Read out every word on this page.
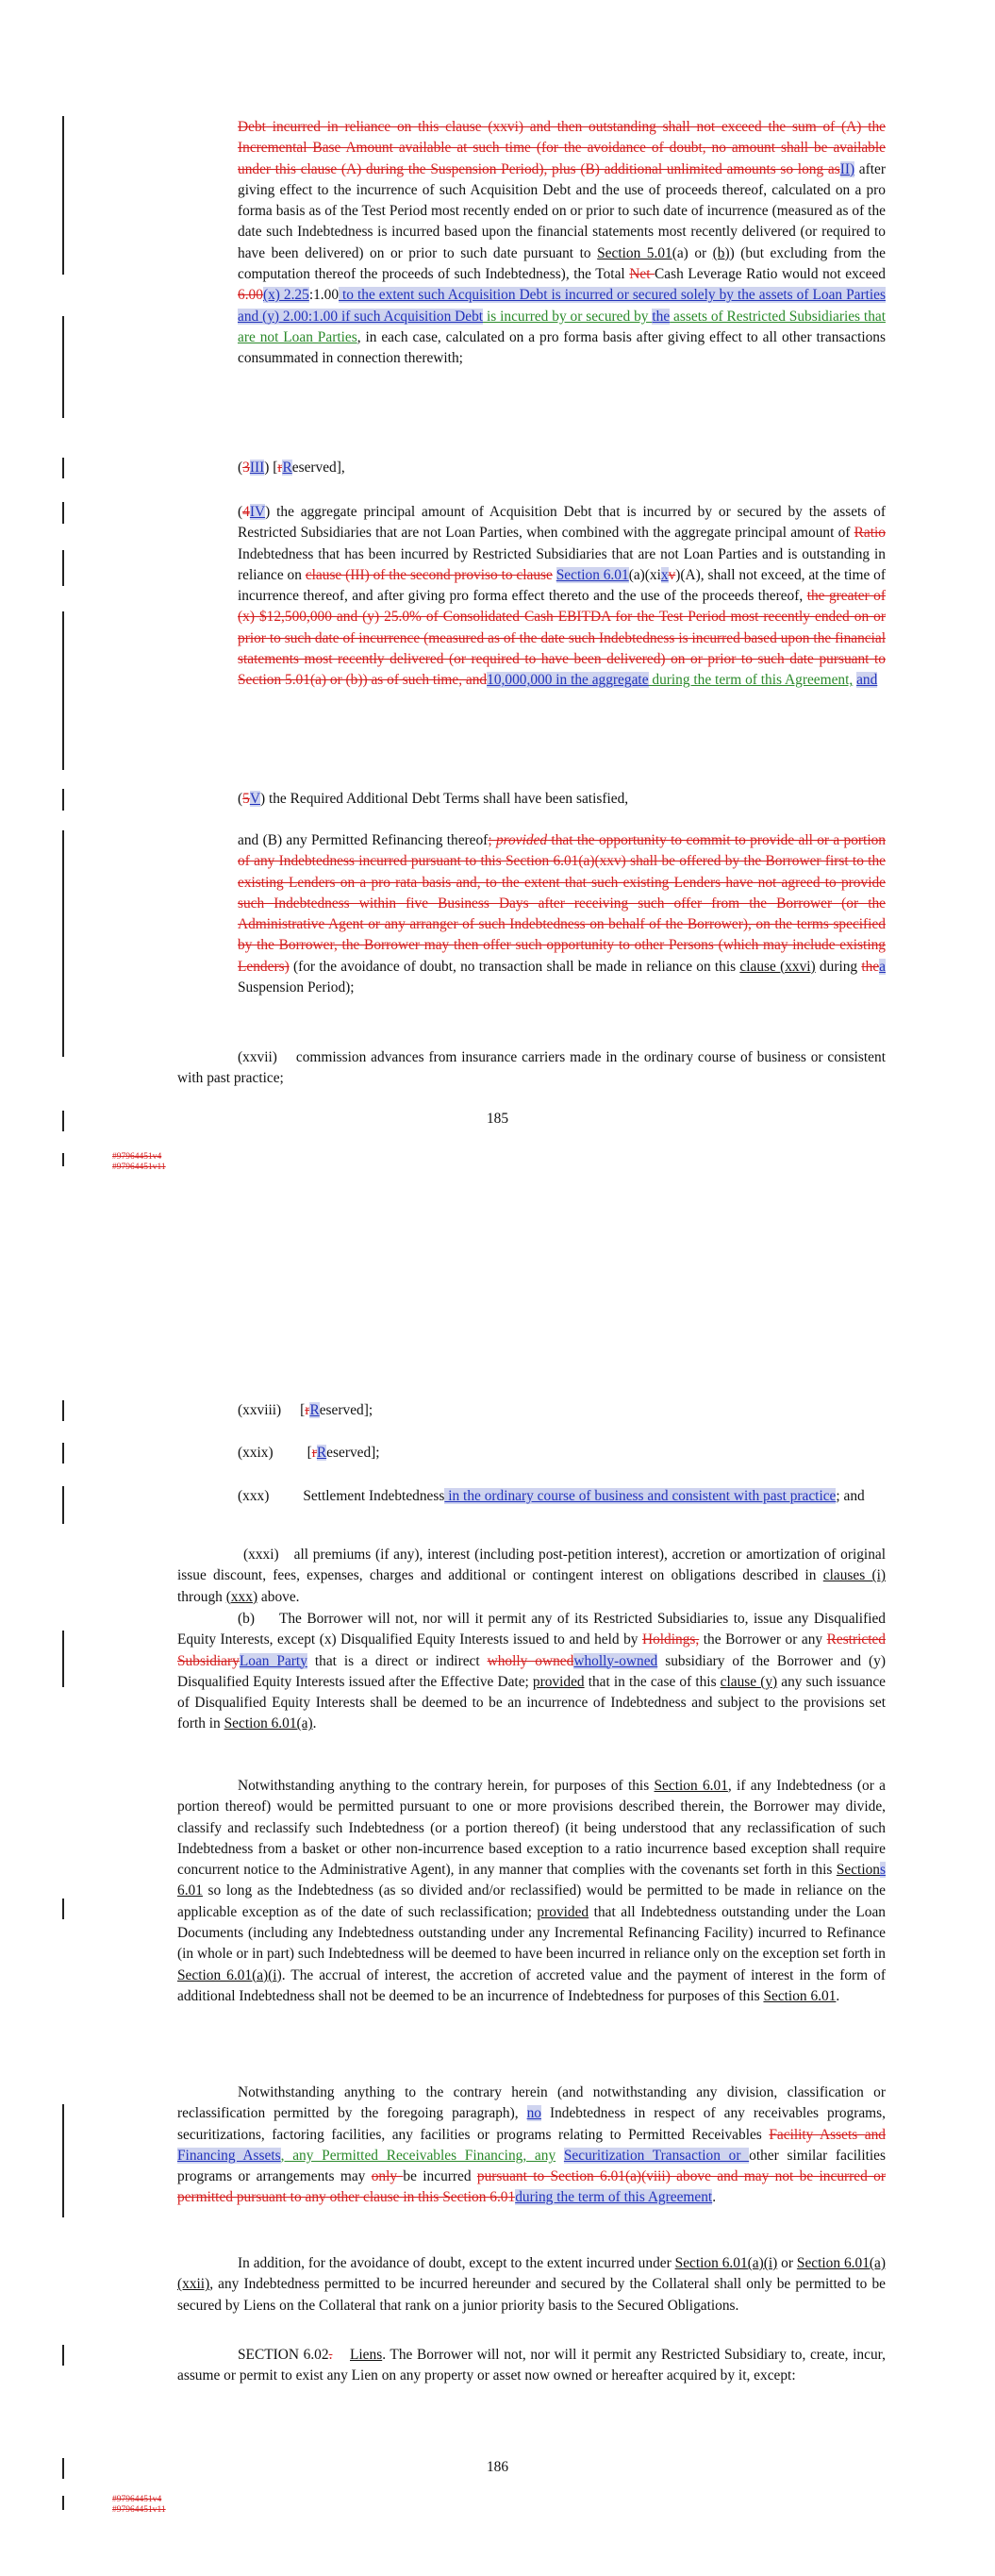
Debt incurred in reliance on this clause (xxvi) and then outstanding shall not exceed the sum of (A) the Incremental Base Amount available at such time (for the avoidance of doubt, no amount shall be available under this clause (A) during the Suspension Period), plus (B) additional unlimited amounts so long asII) after giving effect to the incurrence of such Acquisition Debt and the use of proceeds thereof, calculated on a pro forma basis as of the Test Period most recently ended on or prior to such date of incurrence (measured as of the date such Indebtedness is incurred based upon the financial statements most recently delivered (or required to have been delivered) on or prior to such date pursuant to Section 5.01(a) or (b)) (but excluding from the computation thereof the proceeds of such Indebtedness), the Total Net Cash Leverage Ratio would not exceed 6.00(x) 2.25:1.00 to the extent such Acquisition Debt is incurred or secured solely by the assets of Loan Parties and (y) 2.00:1.00 if such Acquisition Debt is incurred by or secured by the assets of Restricted Subsidiaries that are not Loan Parties, in each case, calculated on a pro forma basis after giving effect to all other transactions consummated in connection therewith;

(3III) [rReserved],

(4IV) the aggregate principal amount of Acquisition Debt that is incurred by or secured by the assets of Restricted Subsidiaries that are not Loan Parties, when combined with the aggregate principal amount of Ratio Indebtedness that has been incurred by Restricted Subsidiaries that are not Loan Parties and is outstanding in reliance on clause (III) of the second proviso to clause Section 6.01(a)(xixv)(A), shall not exceed, at the time of incurrence thereof, and after giving pro forma effect thereto and the use of the proceeds thereof, the greater of (x) $12,500,000 and (y) 25.0% of Consolidated Cash EBITDA for the Test Period most recently ended on or prior to such date of incurrence (measured as of the date such Indebtedness is incurred based upon the financial statements most recently delivered (or required to have been delivered) on or prior to such date pursuant to Section 5.01(a) or (b)) as of such time, and10,000,000 in the aggregate during the term of this Agreement, and

(5V) the Required Additional Debt Terms shall have been satisfied,

and (B) any Permitted Refinancing thereof; provided that the opportunity to commit to provide all or a portion of any Indebtedness incurred pursuant to this Section 6.01(a)(xxv) shall be offered by the Borrower first to the existing Lenders on a pro rata basis and, to the extent that such existing Lenders have not agreed to provide such Indebtedness within five Business Days after receiving such offer from the Borrower (or the Administrative Agent or any arranger of such Indebtedness on behalf of the Borrower), on the terms specified by the Borrower, the Borrower may then offer such opportunity to other Persons (which may include existing Lenders) (for the avoidance of doubt, no transaction shall be made in reliance on this clause (xxvi) during thea Suspension Period);

(xxvii) commission advances from insurance carriers made in the ordinary course of business or consistent with past practice;

185
#97964451v4
#97964451v11

(xxviii) [rReserved];

(xxix) [rReserved];

(xxx) Settlement Indebtedness in the ordinary course of business and consistent with past practice; and

(xxxi) all premiums (if any), interest (including post-petition interest), accretion or amortization of original issue discount, fees, expenses, charges and additional or contingent interest on obligations described in clauses (i) through (xxx) above.

(b) The Borrower will not, nor will it permit any of its Restricted Subsidiaries to, issue any Disqualified Equity Interests, except (x) Disqualified Equity Interests issued to and held by Holdings, the Borrower or any Restricted SubsidiaryLoan Party that is a direct or indirect wholly ownedwholly-owned subsidiary of the Borrower and (y) Disqualified Equity Interests issued after the Effective Date; provided that in the case of this clause (y) any such issuance of Disqualified Equity Interests shall be deemed to be an incurrence of Indebtedness and subject to the provisions set forth in Section 6.01(a).

Notwithstanding anything to the contrary herein, for purposes of this Section 6.01, if any Indebtedness (or a portion thereof) would be permitted pursuant to one or more provisions described therein, the Borrower may divide, classify and reclassify such Indebtedness (or a portion thereof) (it being understood that any reclassification of such Indebtedness from a basket or other non-incurrence based exception to a ratio incurrence based exception shall require concurrent notice to the Administrative Agent), in any manner that complies with the covenants set forth in this Sections 6.01 so long as the Indebtedness (as so divided and/or reclassified) would be permitted to be made in reliance on the applicable exception as of the date of such reclassification; provided that all Indebtedness outstanding under the Loan Documents (including any Indebtedness outstanding under any Incremental Refinancing Facility) incurred to Refinance (in whole or in part) such Indebtedness will be deemed to have been incurred in reliance only on the exception set forth in Section 6.01(a)(i). The accrual of interest, the accretion of accreted value and the payment of interest in the form of additional Indebtedness shall not be deemed to be an incurrence of Indebtedness for purposes of this Section 6.01.

Notwithstanding anything to the contrary herein (and notwithstanding any division, classification or reclassification permitted by the foregoing paragraph), no Indebtedness in respect of any receivables programs, securitizations, factoring facilities, any facilities or programs relating to Permitted Receivables Facility Assets and Financing Assets, any Permitted Receivables Financing, any Securitization Transaction or other similar facilities programs or arrangements may only be incurred pursuant to Section 6.01(a)(viii) above and may not be incurred or permitted pursuant to any other clause in this Section 6.01during the term of this Agreement.

In addition, for the avoidance of doubt, except to the extent incurred under Section 6.01(a)(i) or Section 6.01(a)(xxii), any Indebtedness permitted to be incurred hereunder and secured by the Collateral shall only be permitted to be secured by Liens on the Collateral that rank on a junior priority basis to the Secured Obligations.

SECTION 6.02. Liens. The Borrower will not, nor will it permit any Restricted Subsidiary to, create, incur, assume or permit to exist any Lien on any property or asset now owned or hereafter acquired by it, except:

186
#97964451v4
#97964451v11
